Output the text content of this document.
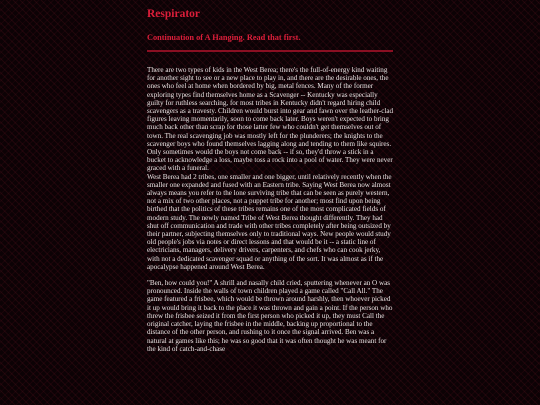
Respirator
Continuation of A Hanging. Read that first.

There are two types of kids in the West Berea; there's the full-of-energy kind waiting for another sight to see or a new place to play in, and there are the desirable ones, the ones who feel at home when bordered by big, metal fences. Many of the former exploring types find themselves home as a Scavenger -- Kentucky was especially guilty for ruthless searching, for most tribes in Kentucky didn't regard hiring child scavengers as a travesty. Children would burst into gear and fawn over the leather-clad figures leaving momentarily, soon to come back later. Boys weren't expected to bring much back other than scrap for those latter few who couldn't get themselves out of town. The real scavenging job was mostly left for the plunderers; the knights to the scavenger boys who found themselves lagging along and tending to them like squires. Only sometimes would the boys not come back -- if so, they'd throw a stick in a bucket to acknowledge a loss, maybe toss a rock into a pool of water. They were never graced with a funeral.

West Berea had 2 tribes, one smaller and one bigger, until relatively recently when the smaller one expanded and fused with an Eastern tribe. Saying West Berea now almost always means you refer to the lone surviving tribe that can be seen as purely western, not a mix of two other places, not a puppet tribe for another; most find upon being birthed that the politics of these tribes remains one of the most complicated fields of modern study. The newly named Tribe of West Berea thought differently. They had shut off communication and trade with other tribes completely after being outsized by their partner, subjecting themselves only to traditional ways. New people would study old people's jobs via notes or direct lessons and that would be it -- a static line of electricians, managers, delivery drivers, carpenters, and chefs who can cook jerky, with not a dedicated scavenger squad or anything of the sort. It was almost as if the apocalypse happened around West Berea.

"Ben, how could you!" A shrill and nasally child cried, sputtering whenever an O was pronounced. Inside the walls of town children played a game called "Call All." The game featured a frisbee, which would be thrown around harshly, then whoever picked it up would bring it back to the place it was thrown and gain a point. If the person who threw the frisbee seized it from the first person who picked it up, they must Call the original catcher, laying the frisbee in the middle, backing up proportional to the distance of the other person, and rushing to it once the signal arrived. Ben was a natural at games like this; he was so good that it was often thought he was meant for the kind of catch-and-chase
